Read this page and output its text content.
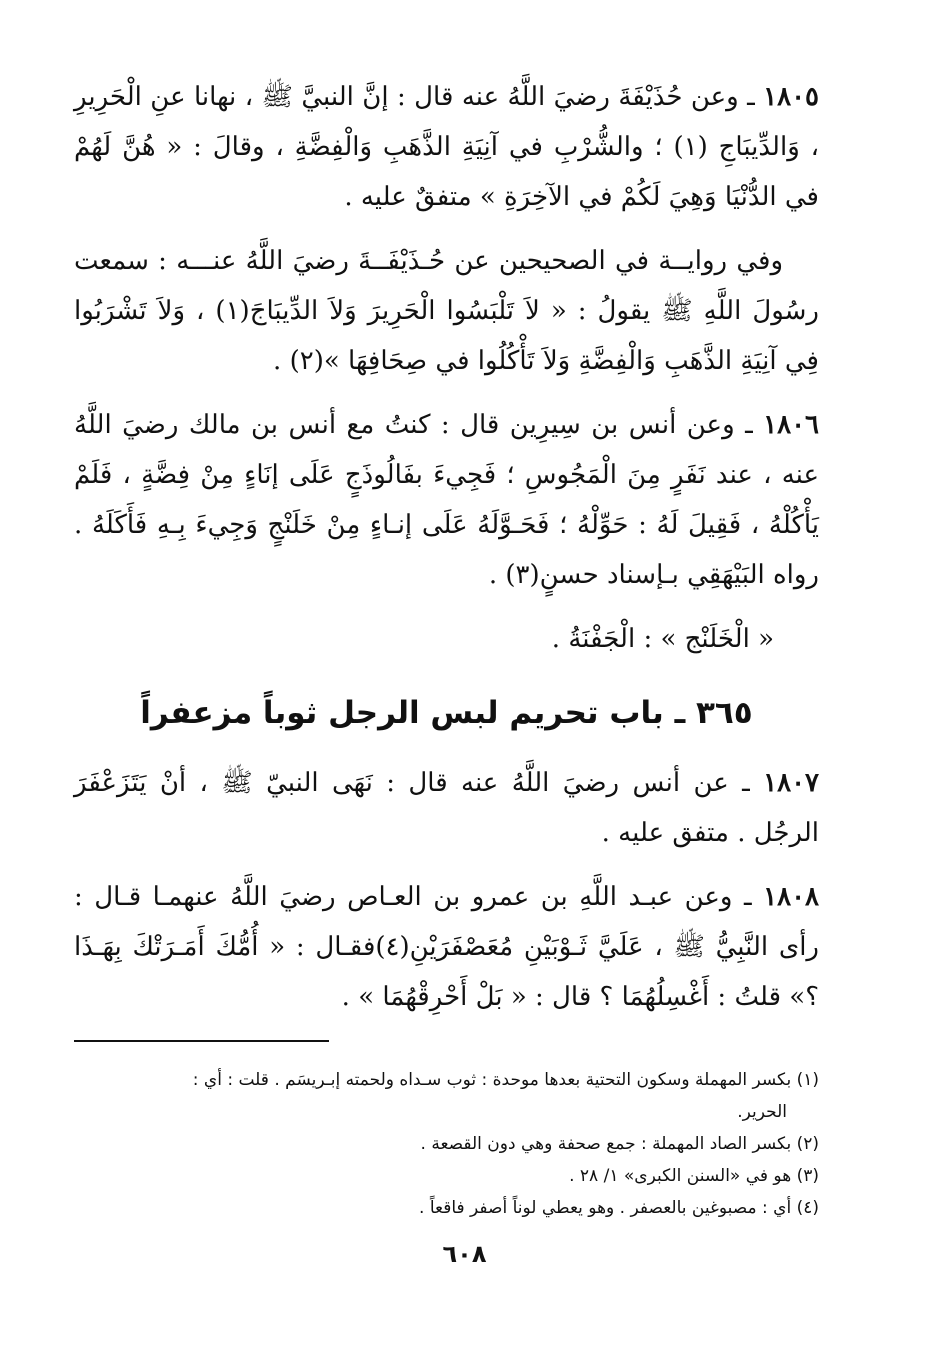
١٨٠٥ ـ وعن حُذَيْفَةَ رضيَ اللَّهُ عنه قال : إنَّ النبيَّ ﷺ ، نهانا عنِ الْحَرِيرِ ، وَالدِّيبَاجِ (١) ؛ والشُّرْبِ في آنِيَةِ الذَّهَبِ وَالْفِضَّةِ ، وقالَ : « هُنَّ لَهُمْ في الدُّنْيَا وَهِيَ لَكُمْ في الآخِرَةِ » متفقٌ عليه .

وفي روايــة في الصحيحين عن حُـذَيْفَــةَ رضيَ اللَّهُ عنـــه : سمعت رسُولَ اللَّهِ ﷺ يقولُ : « لاَ تَلْبَسُوا الْحَرِيرَ وَلاَ الدِّيبَاجَ(١) ، وَلاَ تَشْرَبُوا فِي آنِيَةِ الذَّهَبِ وَالْفِضَّةِ وَلاَ تَأْكُلُوا في صِحَافِهَا »(٢) .

١٨٠٦ ـ وعن أنس بن سِيرِين قال : كنتُ مع أنس بن مالك رضيَ اللَّهُ عنه ، عند نَفَرٍ مِنَ الْمَجُوسِ ؛ فَجِيءَ بفَالُوذَجٍ عَلَى إنَاءٍ مِنْ فِضَّةٍ ، فَلَمْ يَأْكُلْهُ ، فَقِيلَ لَهُ : حَوِّلْهُ ؛ فَحَـوَّلَهُ عَلَى إنـاءٍ مِنْ خَلَنْجٍ وَجِيءَ بِـهِ فَأَكَلَهُ . رواه البَيْهَقِي بـإسناد حسنٍ(٣) .

« الْخَلَنْج » : الْجَفْنَةُ .

٣٦٥ ـ باب تحريم لبس الرجل ثوباً مزعفراً

١٨٠٧ ـ عن أنس رضيَ اللَّهُ عنه قال : نَهَى النبيّ ﷺ ، أنْ يَتَزَعْفَرَ الرجُل . متفق عليه .

١٨٠٨ ـ وعن عبـد اللَّهِ بن عمرو بن العـاص رضيَ اللَّهُ عنهمـا قـال : رأى النَّبِيُّ ﷺ ، عَلَيَّ ثَـوْبَيْنِ مُعَصْفَرَيْنِ(٤)فقـال : « أُمُّكَ أَمَـرَتْكَ بِهَـذَا ؟» قلتُ : أَغْسِلُهُمَا ؟ قال : « بَلْ أَحْرِقْهُمَا » .

(١) بكسر المهملة وسكون التحتية بعدها موحدة : ثوب سـداه ولحمته إبـريسَم . قلت : أي :
الحرير.

(٢) بكسر الصاد المهملة : جمع صحفة وهي دون القصعة .

(٣) هو في «السنن الكبرى» ١/ ٢٨ .

(٤) أي : مصبوغين بالعصفر . وهو يعطي لوناً أصفر فاقعاً .

٦٠٨
